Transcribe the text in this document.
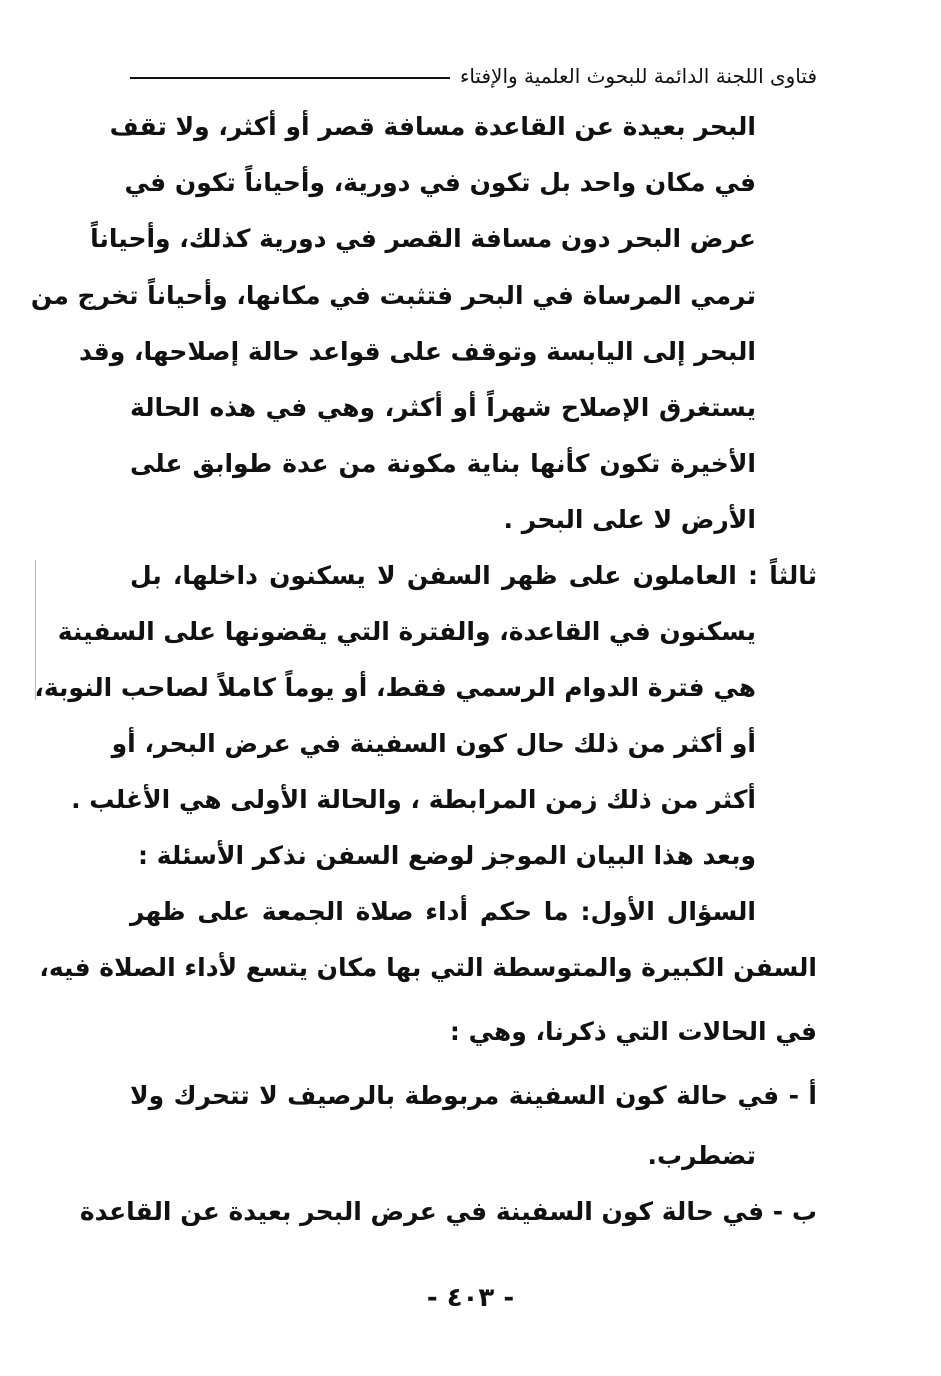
فتاوى اللجنة الدائمة للبحوث العلمية والإفتاء
البحر بعيدة عن القاعدة مسافة قصر أو أكثر، ولا تقف
في مكان واحد بل تكون في دورية، وأحياناً تكون في
عرض البحر دون مسافة القصر في دورية كذلك، وأحياناً
ترمي المرساة في البحر فتثبت في مكانها، وأحياناً تخرج من
البحر إلى اليابسة وتوقف على قواعد حالة إصلاحها، وقد
يستغرق الإصلاح شهراً أو أكثر، وهي في هذه الحالة
الأخيرة تكون كأنها بناية مكونة من عدة طوابق على
الأرض لا على البحر .
ثالثاً : العاملون على ظهر السفن لا يسكنون داخلها، بل
يسكنون في القاعدة، والفترة التي يقضونها على السفينة
هي فترة الدوام الرسمي فقط، أو يوماً كاملاً لصاحب النوبة،
أو أكثر من ذلك حال كون السفينة في عرض البحر، أو
أكثر من ذلك زمن المرابطة ، والحالة الأولى هي الأغلب .
وبعد هذا البيان الموجز لوضع السفن نذكر الأسئلة :
السؤال الأول: ما حكم أداء صلاة الجمعة على ظهر
السفن الكبيرة والمتوسطة التي بها مكان يتسع لأداء الصلاة فيه،
في الحالات التي ذكرنا، وهي :
أ - في حالة كون السفينة مربوطة بالرصيف لا تتحرك ولا
تضطرب.
ب - في حالة كون السفينة في عرض البحر بعيدة عن القاعدة
- ٤٠٣ -
